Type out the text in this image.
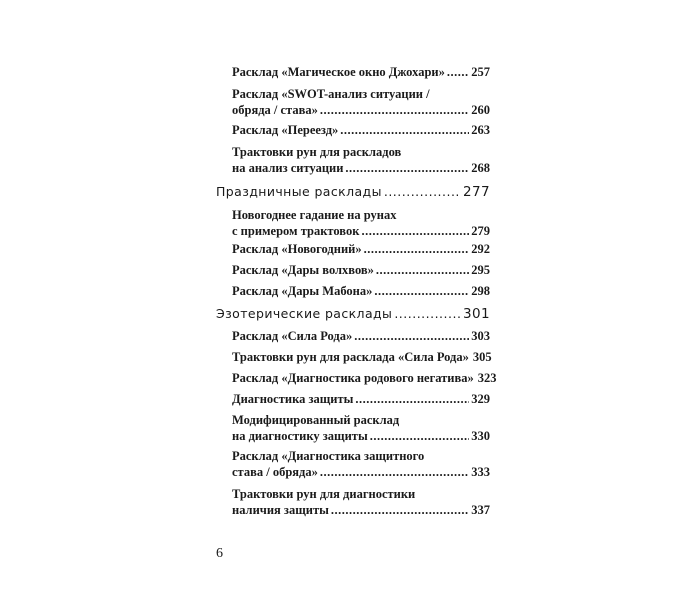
Расклад «Магическое окно Джохари» ..... 257
Расклад «SWOT-анализ ситуации /
обряда / става» .....	260
Расклад «Переезд» .....	263
Трактовки рун для раскладов
на анализ ситуации .....	268
Праздничные расклады .....	277
Новогоднее гадание на рунах
с примером трактовок .....	279
Расклад «Новогодний» .....	292
Расклад «Дары волхвов» .....	295
Расклад «Дары Мабона» .....	298
Эзотерические расклады .....	301
Расклад «Сила Рода» .....	303
Трактовки рун для расклада «Сила Рода» 305
Расклад «Диагностика родового негатива» 323
Диагностика защиты .....	329
Модифицированный расклад
на диагностику защиты .....	330
Расклад «Диагностика защитного
става / обряда» .....	333
Трактовки рун для диагностики
наличия защиты .....	337
6
